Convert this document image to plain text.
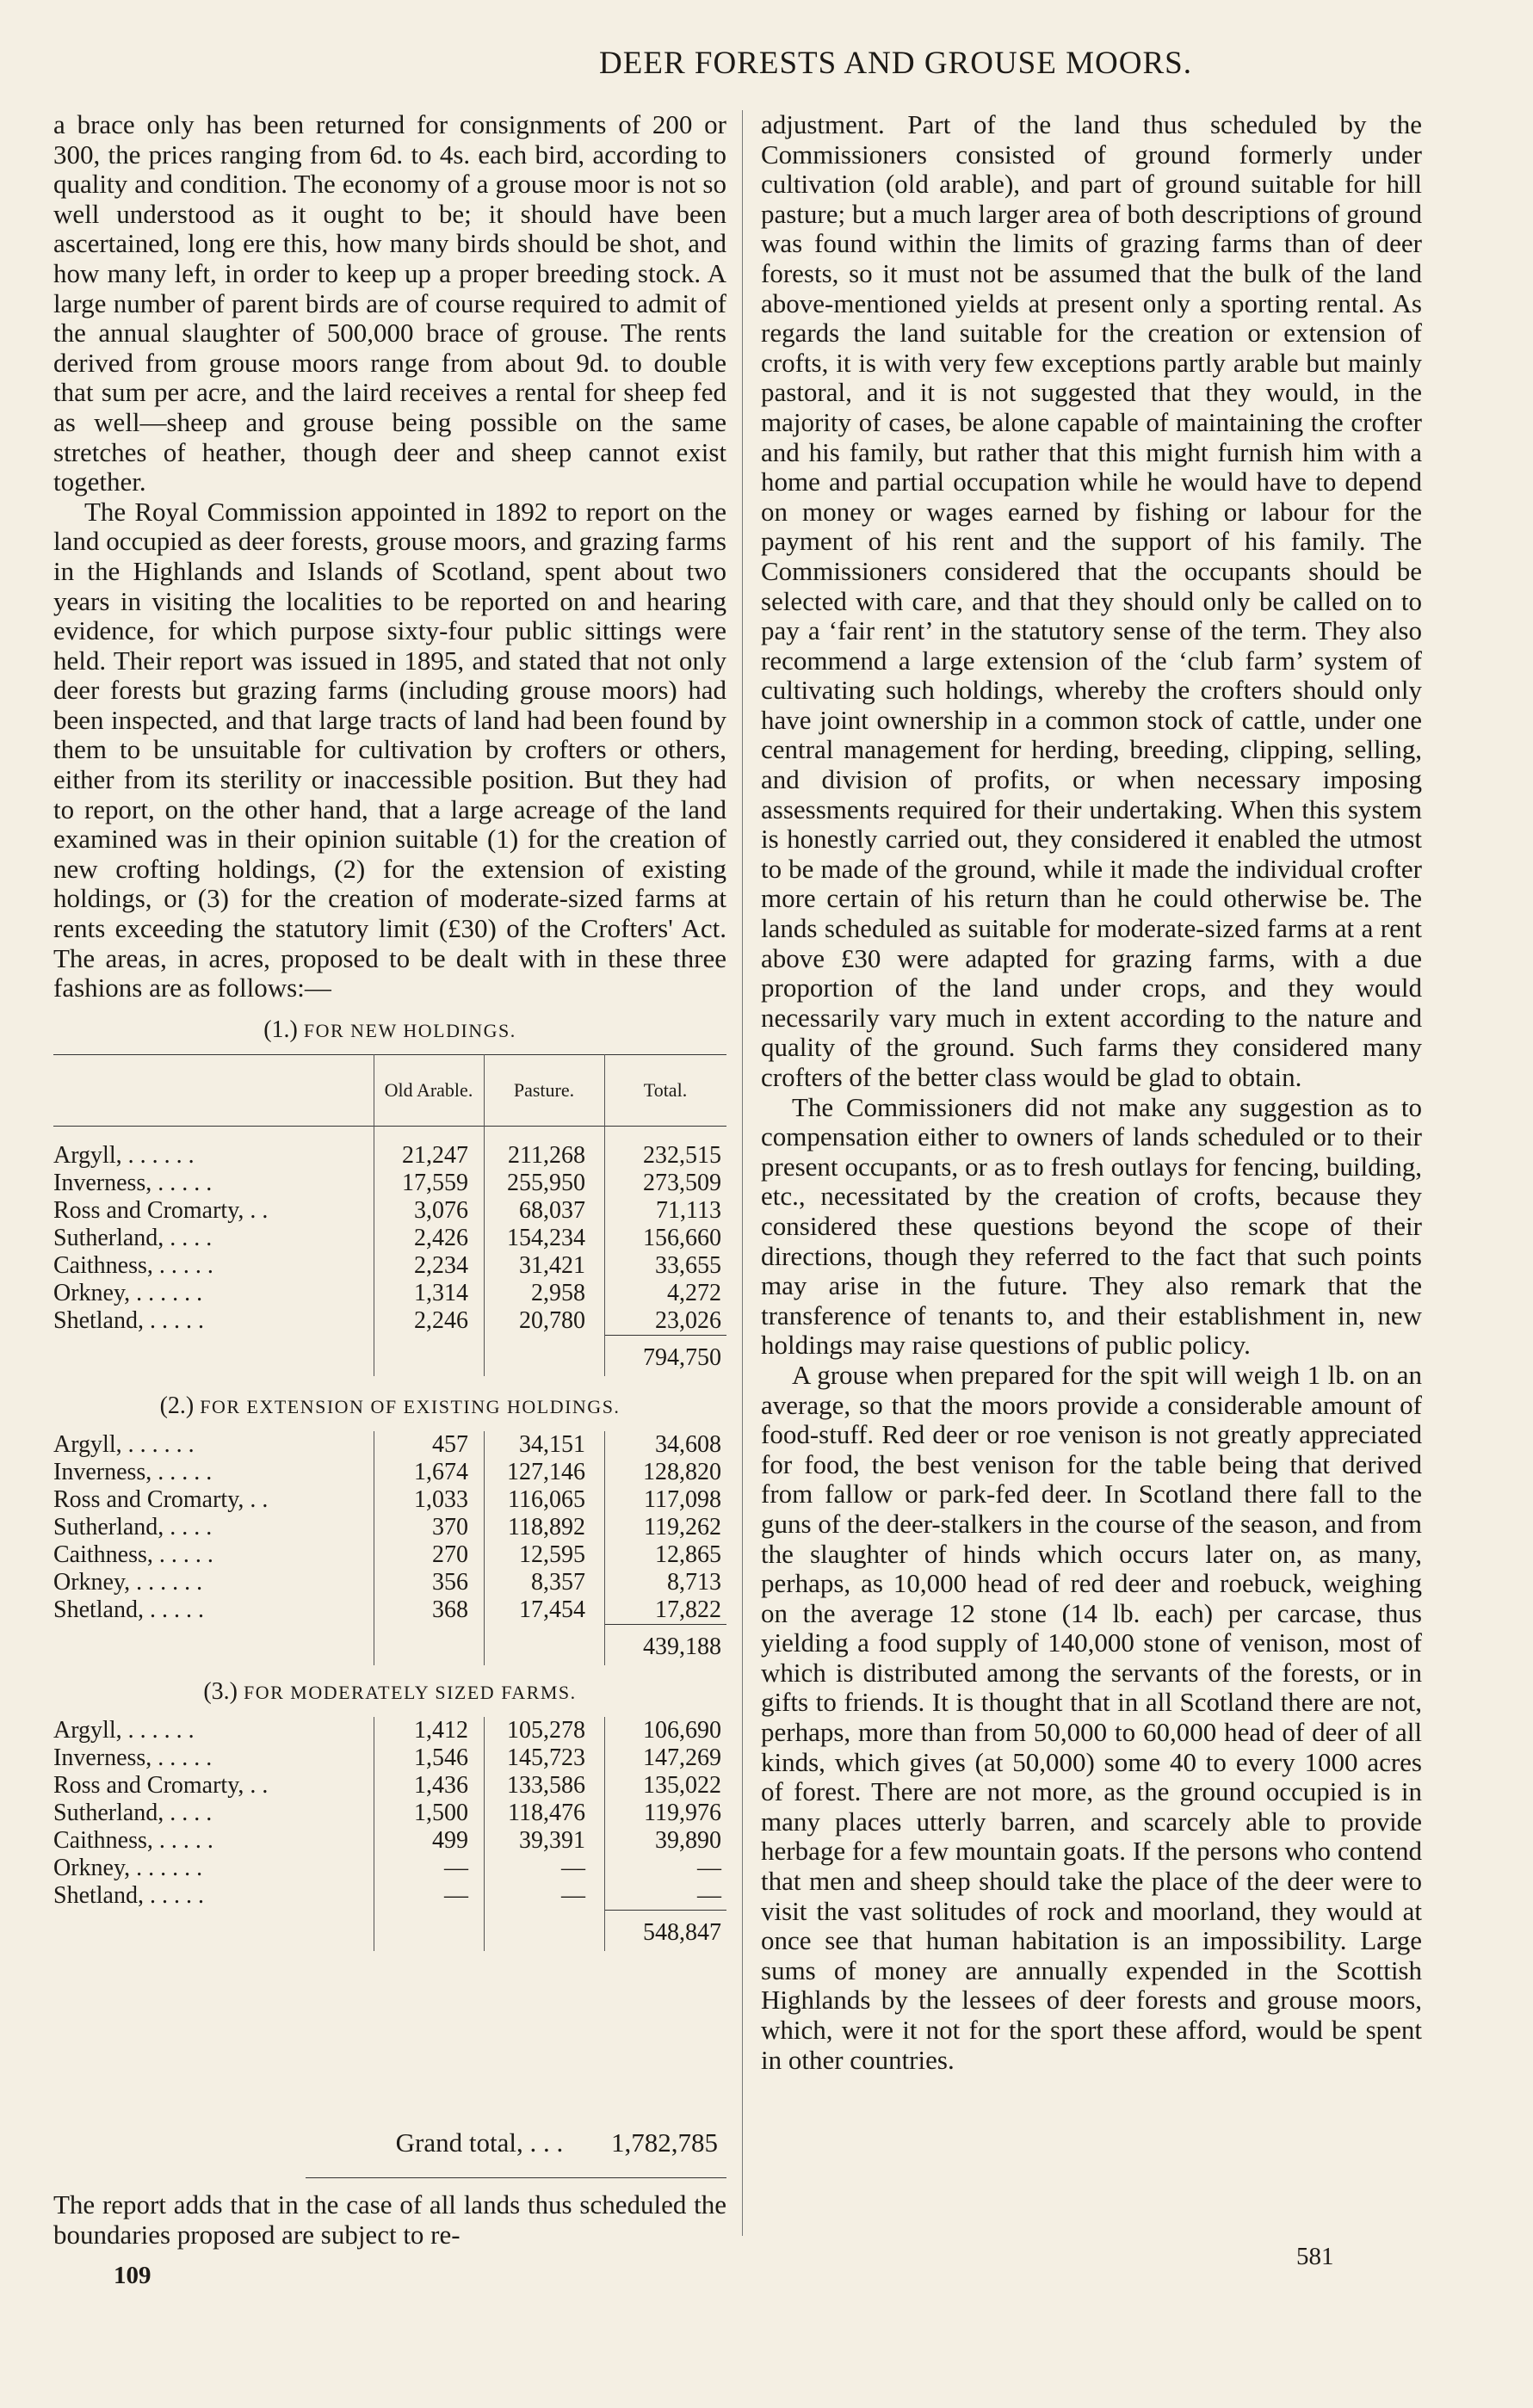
DEER FORESTS AND GROUSE MOORS.

a brace only has been returned for consignments of 200 or 300, the prices ranging from 6d. to 4s. each bird, according to quality and condition. The economy of a grouse moor is not so well understood as it ought to be; it should have been ascertained, long ere this, how many birds should be shot, and how many left, in order to keep up a proper breeding stock. A large number of parent birds are of course required to admit of the annual slaughter of 500,000 brace of grouse. The rents derived from grouse moors range from about 9d. to double that sum per acre, and the laird receives a rental for sheep fed as well—sheep and grouse being possible on the same stretches of heather, though deer and sheep cannot exist together.

The Royal Commission appointed in 1892 to report on the land occupied as deer forests, grouse moors, and grazing farms in the Highlands and Islands of Scotland, spent about two years in visiting the localities to be reported on and hearing evidence, for which purpose sixty-four public sittings were held. Their report was issued in 1895, and stated that not only deer forests but grazing farms (including grouse moors) had been inspected, and that large tracts of land had been found by them to be unsuitable for cultivation by crofters or others, either from its sterility or inaccessible position. But they had to report, on the other hand, that a large acreage of the land examined was in their opinion suitable (1) for the creation of new crofting holdings, (2) for the extension of existing holdings, or (3) for the creation of moderate-sized farms at rents exceeding the statutory limit (£30) of the Crofters' Act. The areas, in acres, proposed to be dealt with in these three fashions are as follows:—

(1.) FOR NEW HOLDINGS.
Old Arable.	Pasture.	Total.
Argyll, . . . . . .	21,247	211,268	232,515
Inverness, . . . . .	17,559	255,950	273,509
Ross and Cromarty, . .	3,076	68,037	71,113
Sutherland, . . . .	2,426	154,234	156,660
Caithness, . . . . .	2,234	31,421	33,655
Orkney, . . . . . .	1,314	2,958	4,272
Shetland, . . . . .	2,246	20,780	23,026
794,750
(2.) FOR EXTENSION OF EXISTING HOLDINGS.
Argyll, . . . . . .	457	34,151	34,608
Inverness, . . . . .	1,674	127,146	128,820
Ross and Cromarty, . .	1,033	116,065	117,098
Sutherland, . . . .	370	118,892	119,262
Caithness, . . . . .	270	12,595	12,865
Orkney, . . . . . .	356	8,357	8,713
Shetland, . . . . .	368	17,454	17,822
439,188
(3.) FOR MODERATELY SIZED FARMS.
Argyll, . . . . . .	1,412	105,278	106,690
Inverness, . . . . .	1,546	145,723	147,269
Ross and Cromarty, . .	1,436	133,586	135,022
Sutherland, . . . .	1,500	118,476	119,976
Caithness, . . . . .	499	39,391	39,890
Orkney, . . . . . .	—	—	—
Shetland, . . . . .	—	—	—
548,847
Grand total, . . . 1,782,785
The report adds that in the case of all lands thus scheduled the boundaries proposed are subject to re-
109

adjustment. Part of the land thus scheduled by the Commissioners consisted of ground formerly under cultivation (old arable), and part of ground suitable for hill pasture; but a much larger area of both descriptions of ground was found within the limits of grazing farms than of deer forests, so it must not be assumed that the bulk of the land above-mentioned yields at present only a sporting rental. As regards the land suitable for the creation or extension of crofts, it is with very few exceptions partly arable but mainly pastoral, and it is not suggested that they would, in the majority of cases, be alone capable of maintaining the crofter and his family, but rather that this might furnish him with a home and partial occupation while he would have to depend on money or wages earned by fishing or labour for the payment of his rent and the support of his family. The Commissioners considered that the occupants should be selected with care, and that they should only be called on to pay a ‘fair rent’ in the statutory sense of the term. They also recommend a large extension of the ‘club farm’ system of cultivating such holdings, whereby the crofters should only have joint ownership in a common stock of cattle, under one central management for herding, breeding, clipping, selling, and division of profits, or when necessary imposing assessments required for their undertaking. When this system is honestly carried out, they considered it enabled the utmost to be made of the ground, while it made the individual crofter more certain of his return than he could otherwise be. The lands scheduled as suitable for moderate-sized farms at a rent above £30 were adapted for grazing farms, with a due proportion of the land under crops, and they would necessarily vary much in extent according to the nature and quality of the ground. Such farms they considered many crofters of the better class would be glad to obtain.

The Commissioners did not make any suggestion as to compensation either to owners of lands scheduled or to their present occupants, or as to fresh outlays for fencing, building, etc., necessitated by the creation of crofts, because they considered these questions beyond the scope of their directions, though they referred to the fact that such points may arise in the future. They also remark that the transference of tenants to, and their establishment in, new holdings may raise questions of public policy.

A grouse when prepared for the spit will weigh 1 lb. on an average, so that the moors provide a considerable amount of food-stuff. Red deer or roe venison is not greatly appreciated for food, the best venison for the table being that derived from fallow or park-fed deer. In Scotland there fall to the guns of the deer-stalkers in the course of the season, and from the slaughter of hinds which occurs later on, as many, perhaps, as 10,000 head of red deer and roebuck, weighing on the average 12 stone (14 lb. each) per carcase, thus yielding a food supply of 140,000 stone of venison, most of which is distributed among the servants of the forests, or in gifts to friends. It is thought that in all Scotland there are not, perhaps, more than from 50,000 to 60,000 head of deer of all kinds, which gives (at 50,000) some 40 to every 1000 acres of forest. There are not more, as the ground occupied is in many places utterly barren, and scarcely able to provide herbage for a few mountain goats. If the persons who contend that men and sheep should take the place of the deer were to visit the vast solitudes of rock and moorland, they would at once see that human habitation is an impossibility. Large sums of money are annually expended in the Scottish Highlands by the lessees of deer forests and grouse moors, which, were it not for the sport these afford, would be spent in other countries.

581
